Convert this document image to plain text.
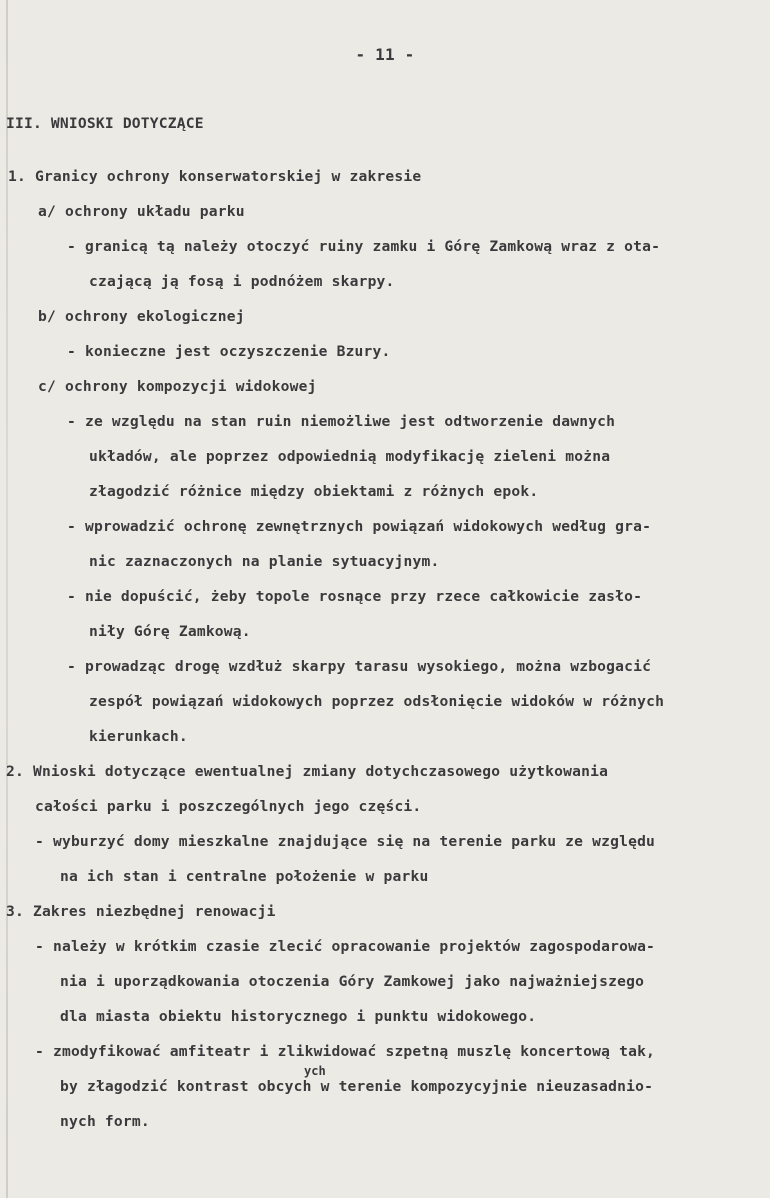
- 11 -
III. WNIOSKI DOTYCZĄCE
1. Granicy ochrony konserwatorskiej w zakresie
a/ ochrony układu parku
- granicą tą należy otoczyć ruiny zamku i Górę Zamkową wraz z ota-
czającą ją fosą i podnóżem skarpy.
b/ ochrony ekologicznej
- konieczne jest oczyszczenie Bzury.
c/ ochrony kompozycji widokowej
- ze względu na stan ruin niemożliwe jest odtworzenie dawnych
układów, ale poprzez odpowiednią modyfikację zieleni można
złagodzić różnice między obiektami z różnych epok.
- wprowadzić ochronę zewnętrznych powiązań widokowych według gra-
nic zaznaczonych na planie sytuacyjnym.
- nie dopuścić, żeby topole rosnące przy rzece całkowicie zasło-
niły Górę Zamkową.
- prowadząc drogę wzdłuż skarpy tarasu wysokiego, można wzbogacić
zespół powiązań widokowych poprzez odsłonięcie widoków w różnych
kierunkach.
2. Wnioski dotyczące ewentualnej zmiany dotychczasowego użytkowania
całości parku i poszczególnych jego części.
- wyburzyć domy mieszkalne znajdujące się na terenie parku ze względu
na ich stan i centralne położenie w parku
3. Zakres niezbędnej renowacji
- należy w krótkim czasie zlecić opracowanie projektów zagospodarowa-
nia i uporządkowania otoczenia Góry Zamkowej jako najważniejszego
dla miasta obiektu historycznego i punktu widokowego.
- zmodyfikować amfiteatr i zlikwidować szpetną muszlę koncertową tak,
by złagodzić kontrast obcych w terenie kompozycyjnie nieuzasadnio-
nych form.
ych
